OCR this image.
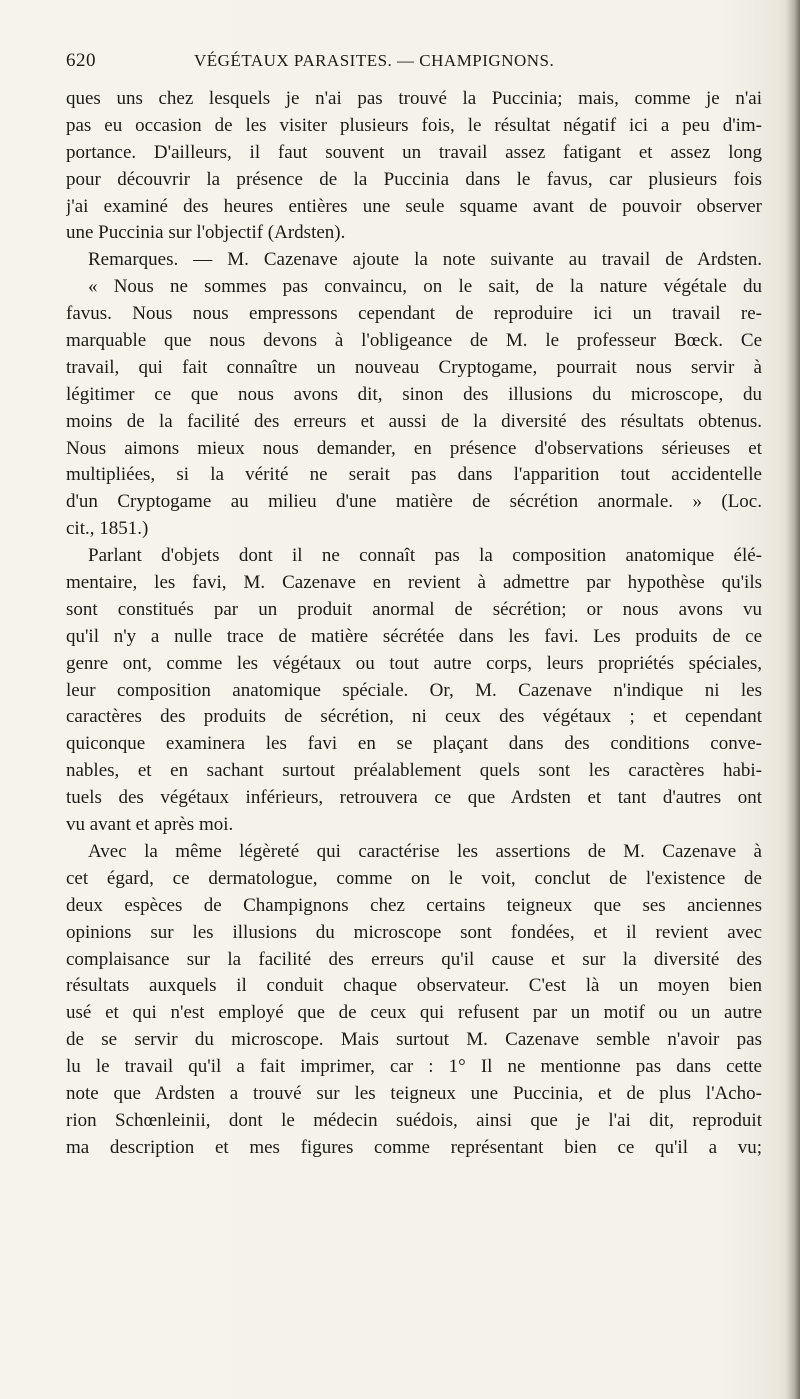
620	VÉGÉTAUX PARASITES. — CHAMPIGNONS.
ques uns chez lesquels je n'ai pas trouvé la Puccinia; mais, comme je n'ai
pas eu occasion de les visiter plusieurs fois, le résultat négatif ici a peu d'im-
portance. D'ailleurs, il faut souvent un travail assez fatigant et assez long
pour découvrir la présence de la Puccinia dans le favus, car plusieurs fois
j'ai examiné des heures entières une seule squame avant de pouvoir observer
une Puccinia sur l'objectif (Ardsten).
Remarques. — M. Cazenave ajoute la note suivante au travail de Ardsten.
« Nous ne sommes pas convaincu, on le sait, de la nature végétale du
favus. Nous nous empressons cependant de reproduire ici un travail re-
marquable que nous devons à l'obligeance de M. le professeur Bœck. Ce
travail, qui fait connaître un nouveau Cryptogame, pourrait nous servir à
légitimer ce que nous avons dit, sinon des illusions du microscope, du
moins de la facilité des erreurs et aussi de la diversité des résultats obtenus.
Nous aimons mieux nous demander, en présence d'observations sérieuses et
multipliées, si la vérité ne serait pas dans l'apparition tout accidentelle
d'un Cryptogame au milieu d'une matière de sécrétion anormale. » (Loc.
cit., 1851.)
Parlant d'objets dont il ne connaît pas la composition anatomique élé-
mentaire, les favi, M. Cazenave en revient à admettre par hypothèse qu'ils
sont constitués par un produit anormal de sécrétion; or nous avons vu
qu'il n'y a nulle trace de matière sécrétée dans les favi. Les produits de ce
genre ont, comme les végétaux ou tout autre corps, leurs propriétés spéciales,
leur composition anatomique spéciale. Or, M. Cazenave n'indique ni les
caractères des produits de sécrétion, ni ceux des végétaux ; et cependant
quiconque examinera les favi en se plaçant dans des conditions conve-
nables, et en sachant surtout préalablement quels sont les caractères habi-
tuels des végétaux inférieurs, retrouvera ce que Ardsten et tant d'autres ont
vu avant et après moi.
Avec la même légèreté qui caractérise les assertions de M. Cazenave à
cet égard, ce dermatologue, comme on le voit, conclut de l'existence de
deux espèces de Champignons chez certains teigneux que ses anciennes
opinions sur les illusions du microscope sont fondées, et il revient avec
complaisance sur la facilité des erreurs qu'il cause et sur la diversité des
résultats auxquels il conduit chaque observateur. C'est là un moyen bien
usé et qui n'est employé que de ceux qui refusent par un motif ou un autre
de se servir du microscope. Mais surtout M. Cazenave semble n'avoir pas
lu le travail qu'il a fait imprimer, car : 1° Il ne mentionne pas dans cette
note que Ardsten a trouvé sur les teigneux une Puccinia, et de plus l'Acho-
rion Schœnleinii, dont le médecin suédois, ainsi que je l'ai dit, reproduit
ma description et mes figures comme représentant bien ce qu'il a vu;
